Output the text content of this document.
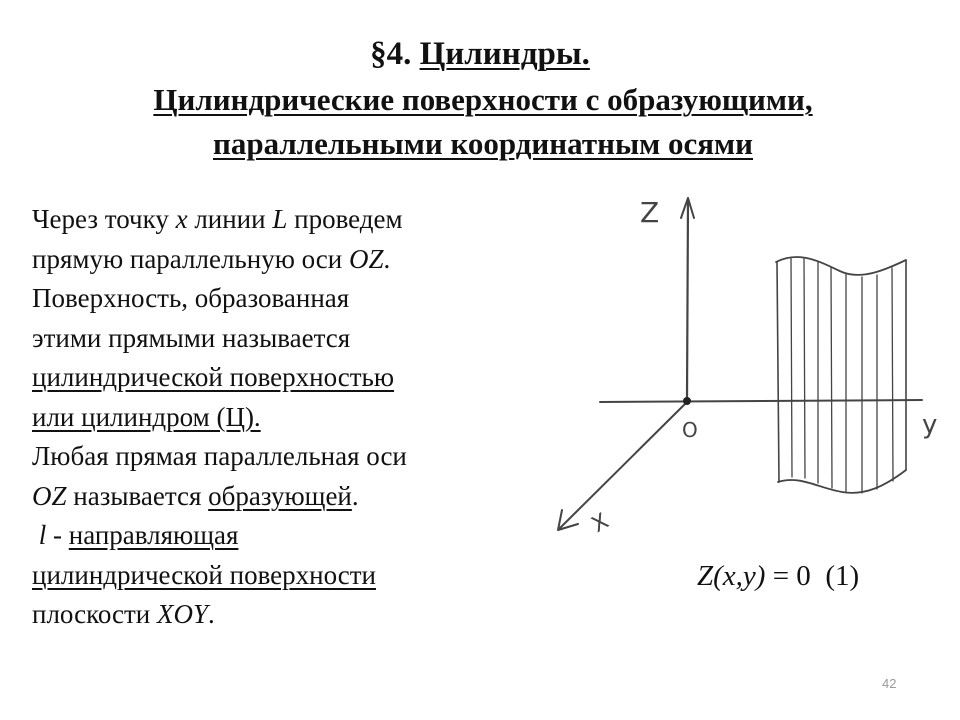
§4. Цилиндры.
Цилиндрические поверхности с образующими,
параллельными координатным осями
Через точку x линии L проведем
прямую параллельную оси OZ.
Поверхность, образованная
этими прямыми называется
цилиндрической поверхностью
или цилиндром (Ц).
Любая прямая параллельная оси
OZ называется образующей.
l - направляющая
цилиндрической поверхности
плоскости XOY.
Z
y
X
O
Z(x,y) = 0 (1)
42
